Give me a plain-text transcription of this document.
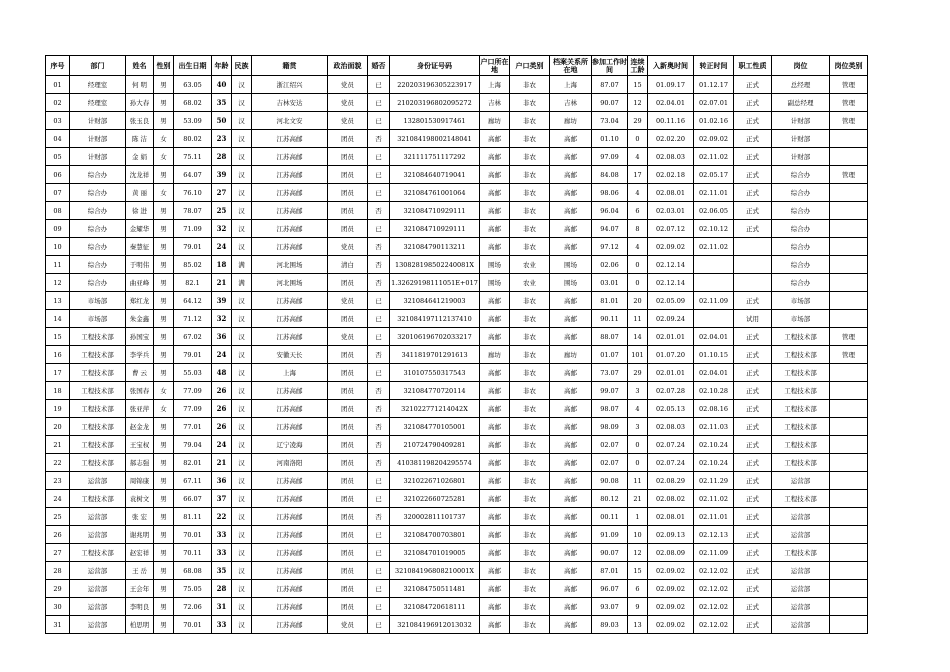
序号	部门	姓名	性别	出生日期	年龄	民族	籍贯	政治面貌	婚否	身份证号码	户口所在地	户口类别	档案关系所在地	参加工作时间	连续工龄	入新奥时间	转正时间	职工性质	岗位	岗位类别
01	经理室	何 明	男	63.05	40	汉	浙江绍兴	党员	已	220203196305223917	上海	非农	上海	87.07	15	01.09.17	01.12.17	正式	总经理	管理
02	经理室	孙大春	男	68.02	35	汉	吉林安达	党员	已	210203196802095272	吉林	非农	吉林	90.07	12	02.04.01	02.07.01	正式	副总经理	管理
03	计财部	张玉良	男	53.09	50	汉	河北文安	党员	已	132801530917461	廊坊	非农	廊坊	73.04	29	00.11.16	01.02.16	正式	计财部	管理
04	计财部	陈 洁	女	80.02	23	汉	江苏高邮	团员	否	321084198002148041	高邮	非农	高邮	01.10	0	02.02.20	02.09.02	正式	计财部	
05	计财部	金 娟	女	75.11	28	汉	江苏高邮	团员	已	321111751117292	高邮	非农	高邮	97.09	4	02.08.03	02.11.02	正式	计财部	
06	综合办	沈龙祥	男	64.07	39	汉	江苏高邮	团员	已	321084640719041	高邮	非农	高邮	84.08	17	02.02.18	02.05.17	正式	综合办	管理
07	综合办	黄 丽	女	76.10	27	汉	江苏高邮	团员	已	321084761001064	高邮	非农	高邮	98.06	4	02.08.01	02.11.01	正式	综合办	
08	综合办	徐 进	男	78.07	25	汉	江苏高邮	团员	否	321084710929111	高邮	非农	高邮	96.04	6	02.03.01	02.06.05	正式	综合办	
09	综合办	金耀华	男	71.09	32	汉	江苏高邮	团员	已	321084710929111	高邮	非农	高邮	94.07	8	02.07.12	02.10.12	正式	综合办	
10	综合办	秦慧征	男	79.01	24	汉	江苏高邮	党员	否	321084790113211	高邮	非农	高邮	97.12	4	02.09.02	02.11.02		综合办	
11	综合办	于明伟	男	85.02	18	满	河北围场	清白	否	130828198502240081X	围场	农业	围场	02.06	0	02.12.14			综合办	
12	综合办	曲亚峰	男	82.1	21	满	河北围场	团员	否	1.32629198111051E+017	围场	农业	围场	03.01	0	02.12.14			综合办	
13	市场部	郑红龙	男	64.12	39	汉	江苏高邮	党员	已	321084641219003	高邮	非农	高邮	81.01	20	02.05.09	02.11.09	正式	市场部	
14	市场部	朱金鑫	男	71.12	32	汉	江苏高邮	团员	已	321084197112137410	高邮	非农	高邮	90.11	11	02.09.24		试用	市场部	
15	工程技术部	孙国宝	男	67.02	36	汉	江苏高邮	党员	已	320106196702033217	高邮	非农	高邮	88.07	14	02.01.01	02.04.01	正式	工程技术部	管理
16	工程技术部	李学兵	男	79.01	24	汉	安徽天长	团员	否	341181970129161З	廊坊	非农	廊坊	01.07	101	01.07.20	01.10.15	正式	工程技术部	管理
17	工程技术部	曹 云	男	55.03	48	汉	上海	团员	已	310107550317543	高邮	非农	高邮	73.07	29	02.01.01	02.04.01	正式	工程技术部	
18	工程技术部	张国春	女	77.09	26	汉	江苏高邮	团员	否	321084770720114	高邮	非农	高邮	99.07	3	02.07.28	02.10.28	正式	工程技术部	
19	工程技术部	张亚萍	女	77.09	26	汉	江苏高邮	团员	否	321022771214042X	高邮	非农	高邮	98.07	4	02.05.13	02.08.16	正式	工程技术部	
20	工程技术部	赵金龙	男	77.01	26	汉	江苏高邮	团员	否	321084770105001	高邮	非农	高邮	98.09	3	02.08.03	02.11.03	正式	工程技术部	
21	工程技术部	王宝权	男	79.04	24	汉	辽宁凌海	团员	否	210724790409281	高邮	非农	高邮	02.07	0	02.07.24	02.10.24	正式	工程技术部	
22	工程技术部	郝志强	男	82.01	21	汉	河南洛阳	团员	否	410381198204295574	高邮	非农	高邮	02.07	0	02.07.24	02.10.24	正式	工程技术部	
23	运营部	周锦康	男	67.11	36	汉	江苏高邮	团员	已	321022671026801	高邮	非农	高邮	90.08	11	02.08.29	02.11.29	正式	运营部	
24	工程技术部	袁树文	男	66.07	37	汉	江苏高邮	团员	已	321022660725281	高邮	非农	高邮	80.12	21	02.08.02	02.11.02	正式	工程技术部	
25	运营部	张 宏	男	81.11	22	汉	江苏高邮	团员	否	320002811101737	高邮	非农	高邮	00.11	1	02.08.01	02.11.01	正式	运营部	
26	运营部	谢兆明	男	70.01	33	汉	江苏高邮	团员	已	321084700703801	高邮	非农	高邮	91.09	10	02.09.13	02.12.13	正式	运营部	
27	工程技术部	赵宏祥	男	70.11	33	汉	江苏高邮	团员	已	321084701019005	高邮	非农	高邮	90.07	12	02.08.09	02.11.09	正式	工程技术部	
28	运营部	王 岳	男	68.08	35	汉	江苏高邮	团员	已	321084196808210001X	高邮	非农	高邮	87.01	15	02.09.02	02.12.02	正式	运营部	
29	运营部	王会年	男	75.05	28	汉	江苏高邮	团员	已	321084750511481	高邮	非农	高邮	96.07	6	02.09.02	02.12.02	正式	运营部	
30	运营部	李明良	男	72.06	31	汉	江苏高邮	团员	已	321084720618111	高邮	非农	高邮	93.07	9	02.09.02	02.12.02	正式	运营部	
31	运营部	柏思明	男	70.01	33	汉	江苏高邮	党员	已	321084196912013032	高邮	非农	高邮	89.03	13	02.09.02	02.12.02	正式	运营部	
